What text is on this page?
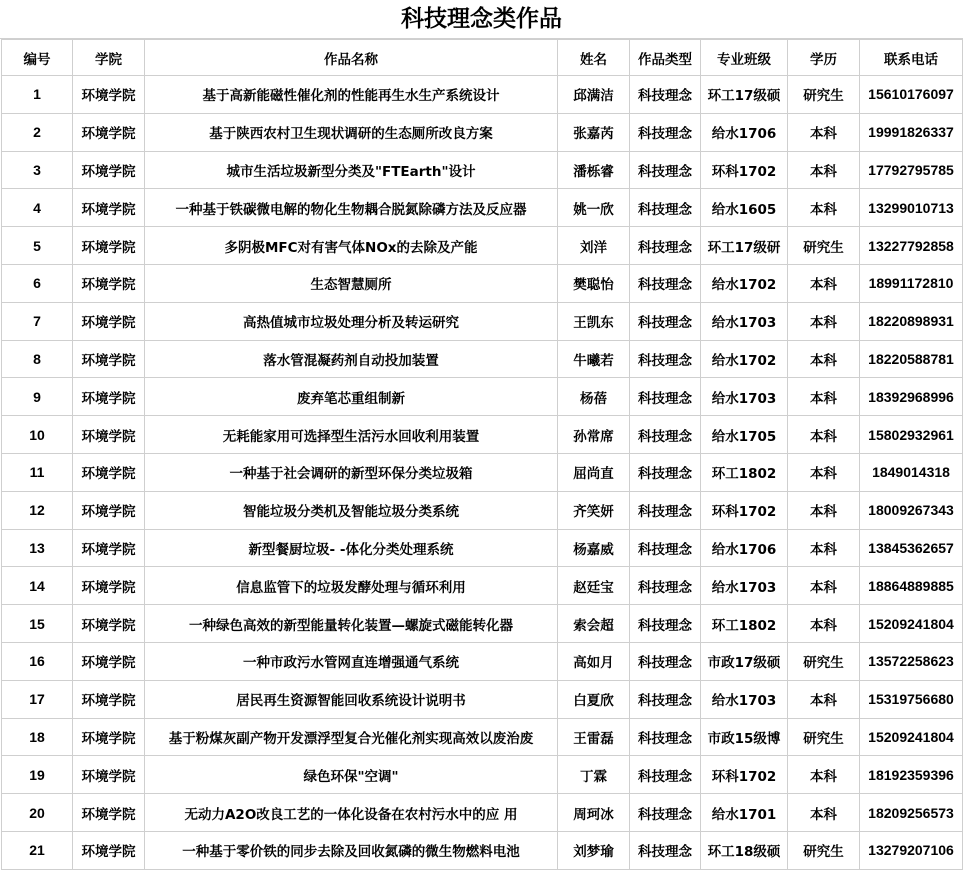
科技理念类作品
编号	学院	作品名称	姓名	作品类型	专业班级	学历	联系电话
1	环境学院	基于高新能磁性催化剂的性能再生水生产系统设计	邱满洁	科技理念	环工17级硕	研究生	15610176097
2	环境学院	基于陕西农村卫生现状调研的生态厕所改良方案	张嘉芮	科技理念	给水1706	本科	19991826337
3	环境学院	城市生活垃圾新型分类及"FTEarth"设计	潘栎睿	科技理念	环科1702	本科	17792795785
4	环境学院	一种基于铁碳微电解的物化生物耦合脱氮除磷方法及反应器	姚一欣	科技理念	给水1605	本科	13299010713
5	环境学院	多阴极MFC对有害气体NOx的去除及产能	刘洋	科技理念	环工17级研	研究生	13227792858
6	环境学院	生态智慧厕所	樊聪怡	科技理念	给水1702	本科	18991172810
7	环境学院	高热值城市垃圾处理分析及转运研究	王凯东	科技理念	给水1703	本科	18220898931
8	环境学院	落水管混凝药剂自动投加装置	牛曦若	科技理念	给水1702	本科	18220588781
9	环境学院	废弃笔芯重组制新	杨蓓	科技理念	给水1703	本科	18392968996
10	环境学院	无耗能家用可选择型生活污水回收利用装置	孙常席	科技理念	给水1705	本科	15802932961
11	环境学院	一种基于社会调研的新型环保分类垃圾箱	屈尚直	科技理念	环工1802	本科	1849014318
12	环境学院	智能垃圾分类机及智能垃圾分类系统	齐笑妍	科技理念	环科1702	本科	18009267343
13	环境学院	新型餐厨垃圾- -体化分类处理系统	杨嘉威	科技理念	给水1706	本科	13845362657
14	环境学院	信息监管下的垃圾发酵处理与循环利用	赵廷宝	科技理念	给水1703	本科	18864889885
15	环境学院	一种绿色高效的新型能量转化装置—螺旋式磁能转化器	索会超	科技理念	环工1802	本科	15209241804
16	环境学院	一种市政污水管网直连增强通气系统	高如月	科技理念	市政17级硕	研究生	13572258623
17	环境学院	居民再生资源智能回收系统设计说明书	白夏欣	科技理念	给水1703	本科	15319756680
18	环境学院	基于粉煤灰副产物开发漂浮型复合光催化剂实现高效以废治废	王雷磊	科技理念	市政15级博	研究生	15209241804
19	环境学院	绿色环保"空调"	丁霖	科技理念	环科1702	本科	18192359396
20	环境学院	无动力A2O改良工艺的一体化设备在农村污水中的应 用	周珂冰	科技理念	给水1701	本科	18209256573
21	环境学院	一种基于零价铁的同步去除及回收氮磷的微生物燃料电池	刘梦瑜	科技理念	环工18级硕	研究生	13279207106
